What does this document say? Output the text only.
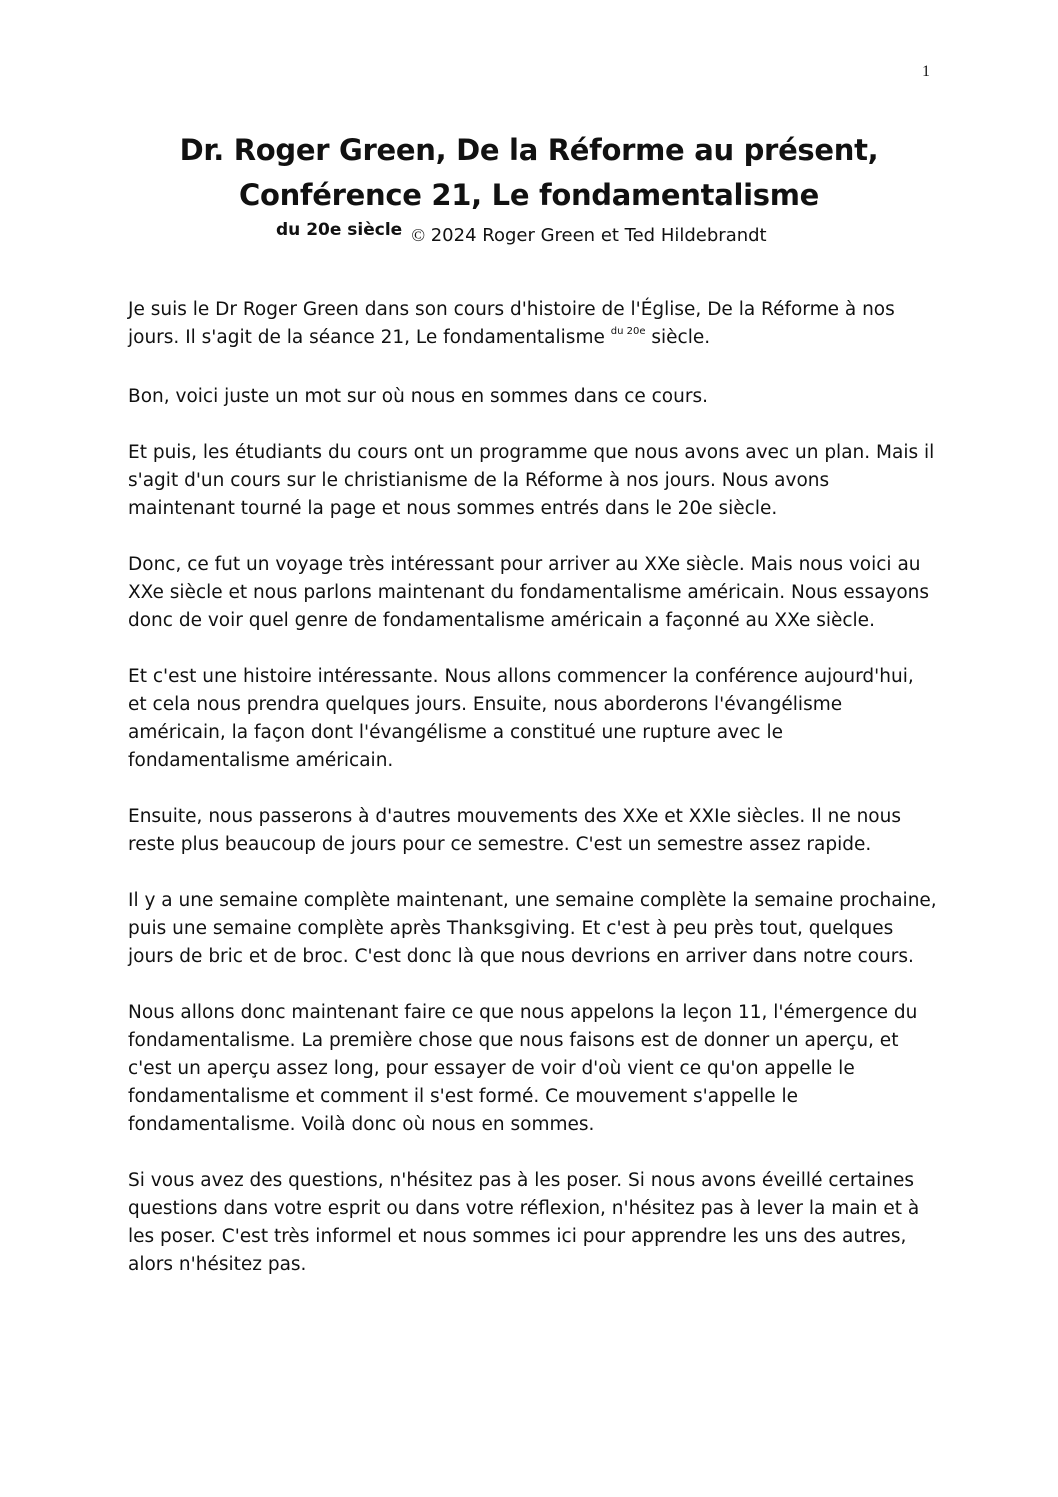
1
Dr. Roger Green, De la Réforme au présent,
Conférence 21, Le fondamentalisme
du 20e siècle © 2024 Roger Green et Ted Hildebrandt

Je suis le Dr Roger Green dans son cours d'histoire de l'Église, De la Réforme à nos jours. Il s'agit de la séance 21, Le fondamentalisme $^{du 20e}$ siècle.

Bon, voici juste un mot sur où nous en sommes dans ce cours.

Et puis, les étudiants du cours ont un programme que nous avons avec un plan. Mais il s'agit d'un cours sur le christianisme de la Réforme à nos jours. Nous avons maintenant tourné la page et nous sommes entrés dans le 20e siècle.

Donc, ce fut un voyage très intéressant pour arriver au XXe siècle. Mais nous voici au XXe siècle et nous parlons maintenant du fondamentalisme américain. Nous essayons donc de voir quel genre de fondamentalisme américain a façonné au XXe siècle.

Et c'est une histoire intéressante. Nous allons commencer la conférence aujourd'hui, et cela nous prendra quelques jours. Ensuite, nous aborderons l'évangélisme américain, la façon dont l'évangélisme a constitué une rupture avec le fondamentalisme américain.

Ensuite, nous passerons à d'autres mouvements des XXe et XXIe siècles. Il ne nous reste plus beaucoup de jours pour ce semestre. C'est un semestre assez rapide.

Il y a une semaine complète maintenant, une semaine complète la semaine prochaine, puis une semaine complète après Thanksgiving. Et c'est à peu près tout, quelques jours de bric et de broc. C'est donc là que nous devrions en arriver dans notre cours.

Nous allons donc maintenant faire ce que nous appelons la leçon 11, l'émergence du fondamentalisme. La première chose que nous faisons est de donner un aperçu, et c'est un aperçu assez long, pour essayer de voir d'où vient ce qu'on appelle le fondamentalisme et comment il s'est formé. Ce mouvement s'appelle le fondamentalisme. Voilà donc où nous en sommes.

Si vous avez des questions, n'hésitez pas à les poser. Si nous avons éveillé certaines questions dans votre esprit ou dans votre réflexion, n'hésitez pas à lever la main et à les poser. C'est très informel et nous sommes ici pour apprendre les uns des autres, alors n'hésitez pas.
